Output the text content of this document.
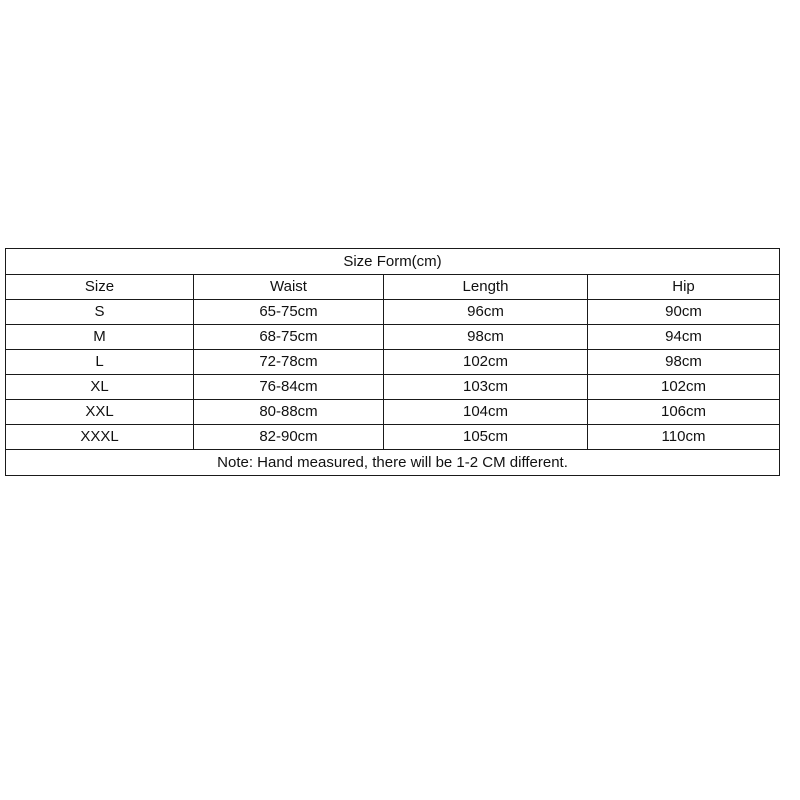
Size Form(cm)			
Size	Waist	Length	Hip
S	65-75cm	96cm	90cm
M	68-75cm	98cm	94cm
L	72-78cm	102cm	98cm
XL	76-84cm	103cm	102cm
XXL	80-88cm	104cm	106cm
XXXL	82-90cm	105cm	110cm
Note: Hand measured, there will be 1-2 CM different.			
